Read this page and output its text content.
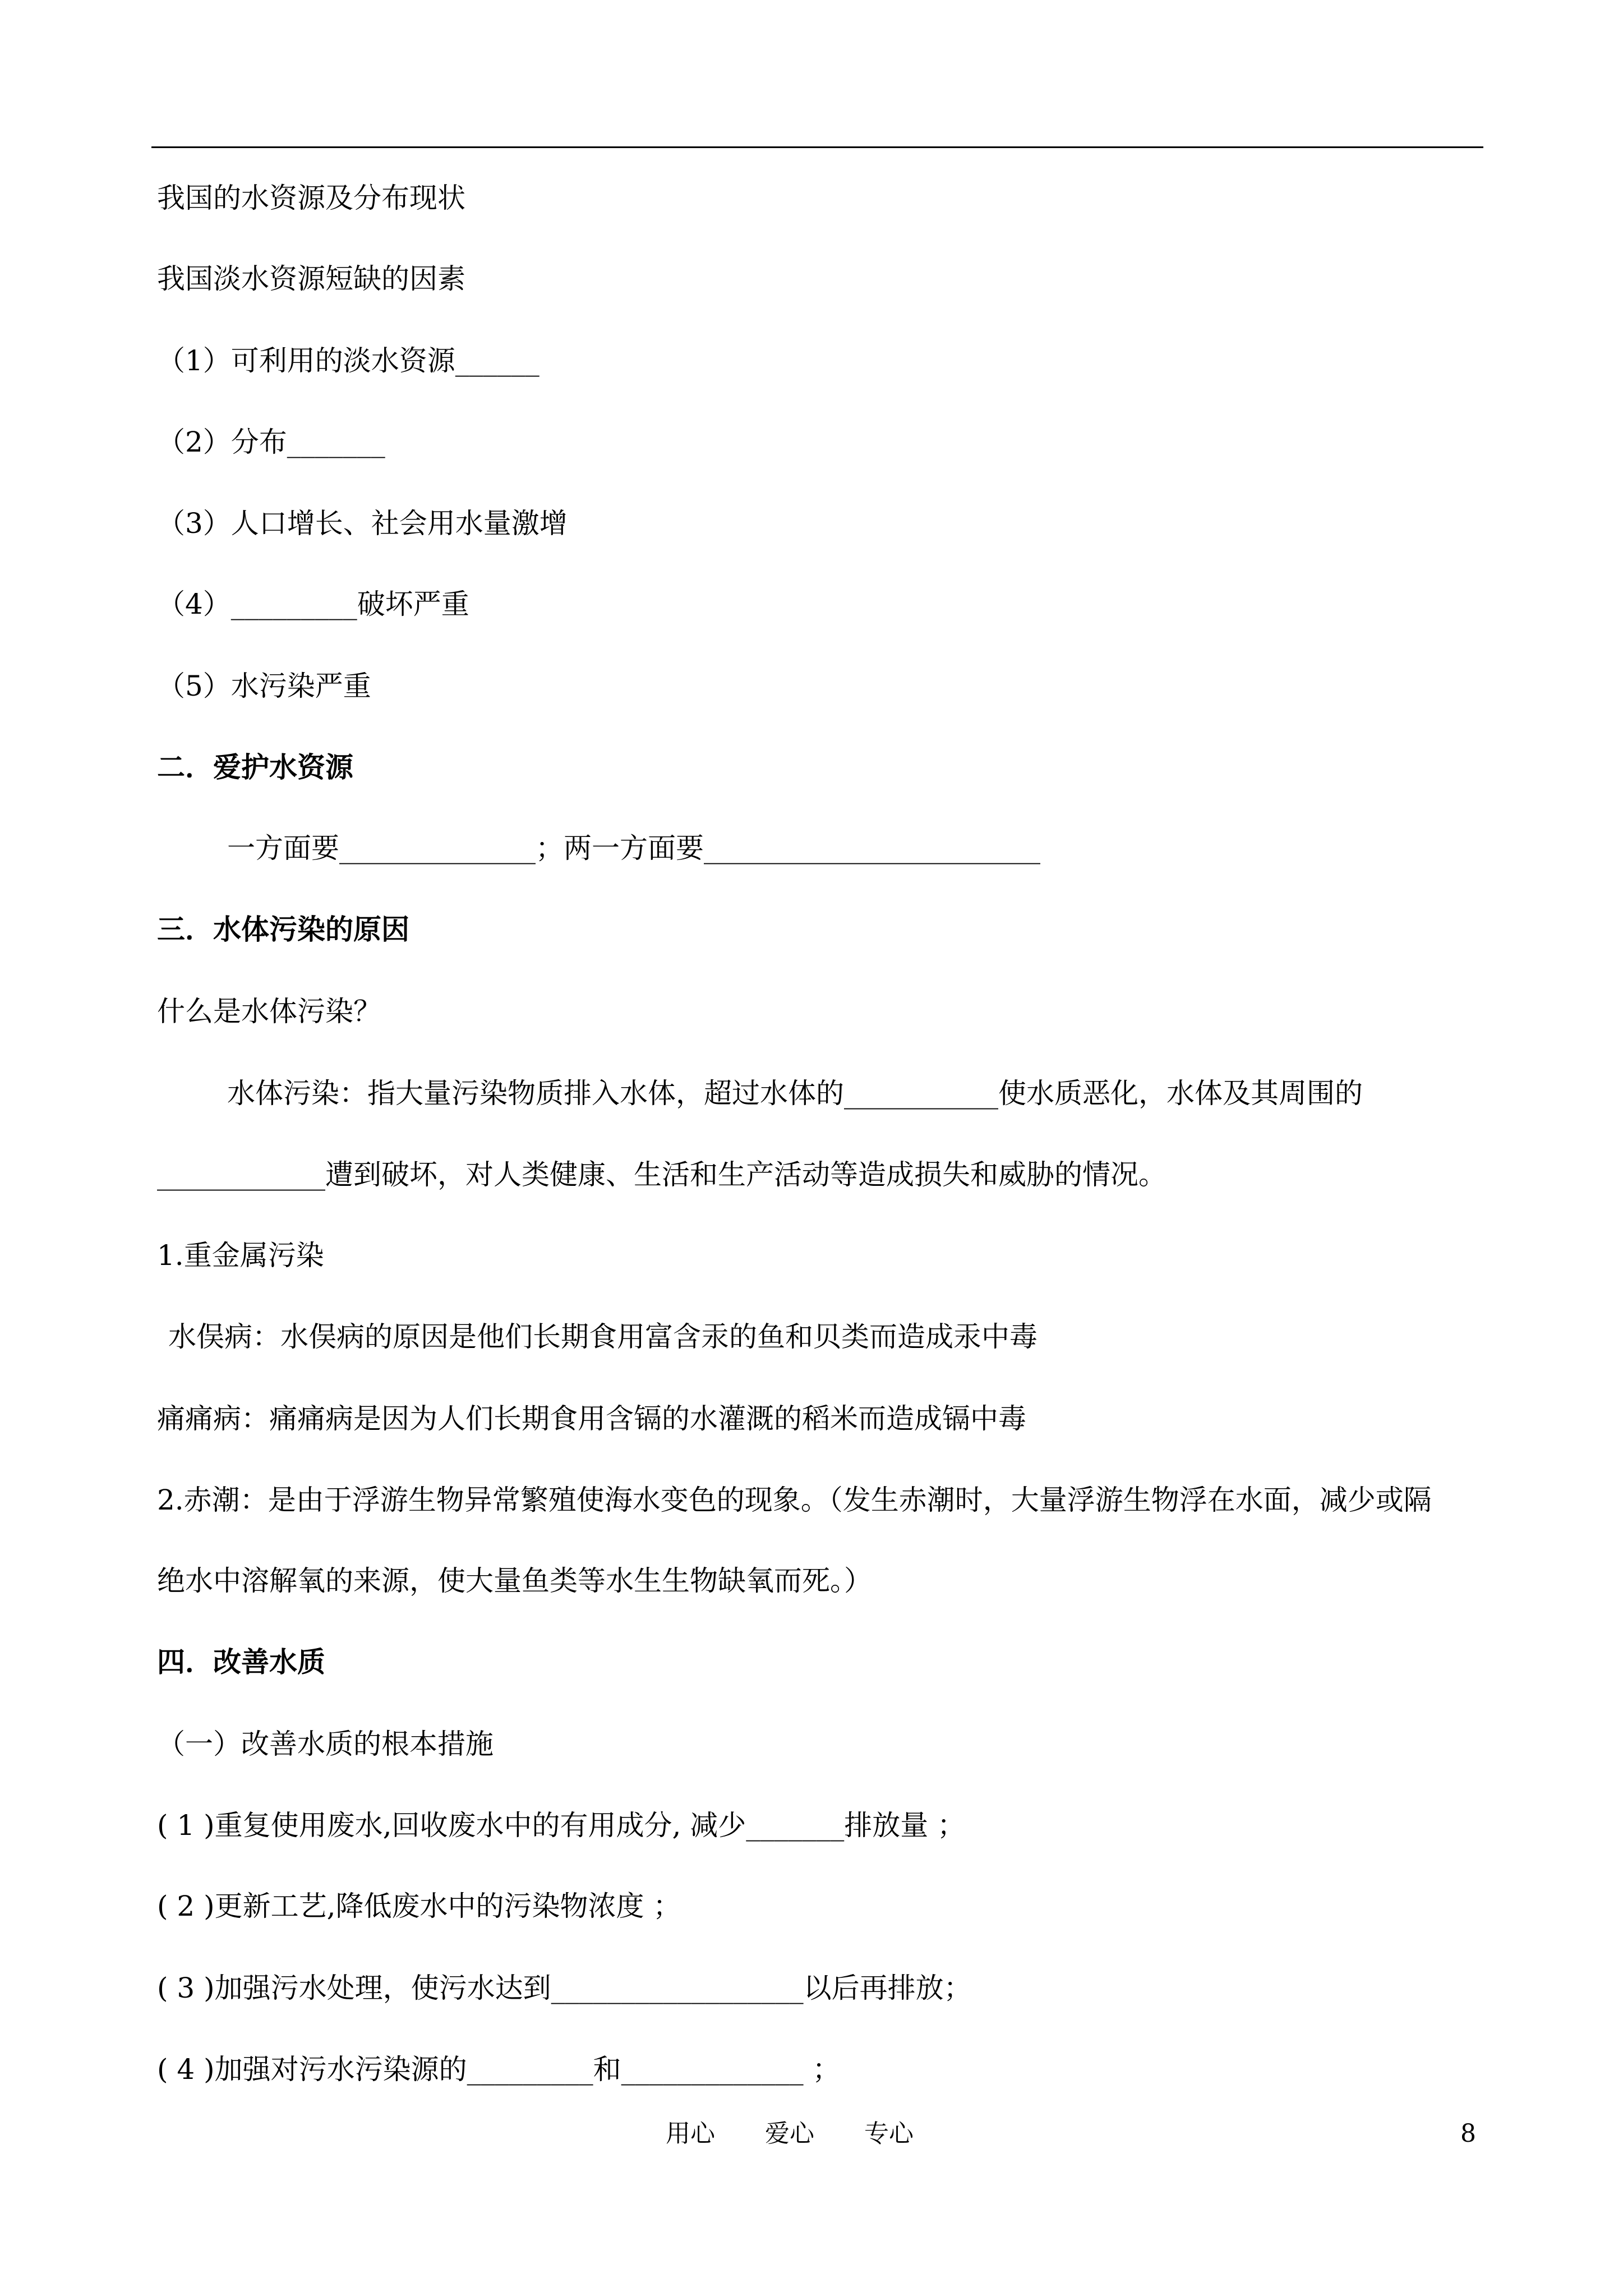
我国的水资源及分布现状
我国淡水资源短缺的因素
（1）可利用的淡水资源______
（2）分布_______
（3）人口增长、社会用水量激增
（4）_________破坏严重
（5）水污染严重
二．爱护水资源
一方面要______________；两一方面要________________________
三．水体污染的原因
什么是水体污染？
水体污染：指大量污染物质排入水体，超过水体的___________使水质恶化，水体及其周围的
____________遭到破坏，对人类健康、生活和生产活动等造成损失和威胁的情况。
1.重金属污染
水俣病：水俣病的原因是他们长期食用富含汞的鱼和贝类而造成汞中毒
痛痛病：痛痛病是因为人们长期食用含镉的水灌溉的稻米而造成镉中毒
2.赤潮：是由于浮游生物异常繁殖使海水变色的现象。（发生赤潮时，大量浮游生物浮在水面，减少或隔
绝水中溶解氧的来源，使大量鱼类等水生生物缺氧而死。）
四．改善水质
（一）改善水质的根本措施
( 1 )重复使用废水,回收废水中的有用成分, 减少_______排放量 ；
( 2 )更新工艺,降低废水中的污染物浓度 ；
( 3 )加强污水处理，使污水达到__________________以后再排放；
( 4 )加强对污水污染源的_________和_____________ ；
用心 爱心 专心	8
